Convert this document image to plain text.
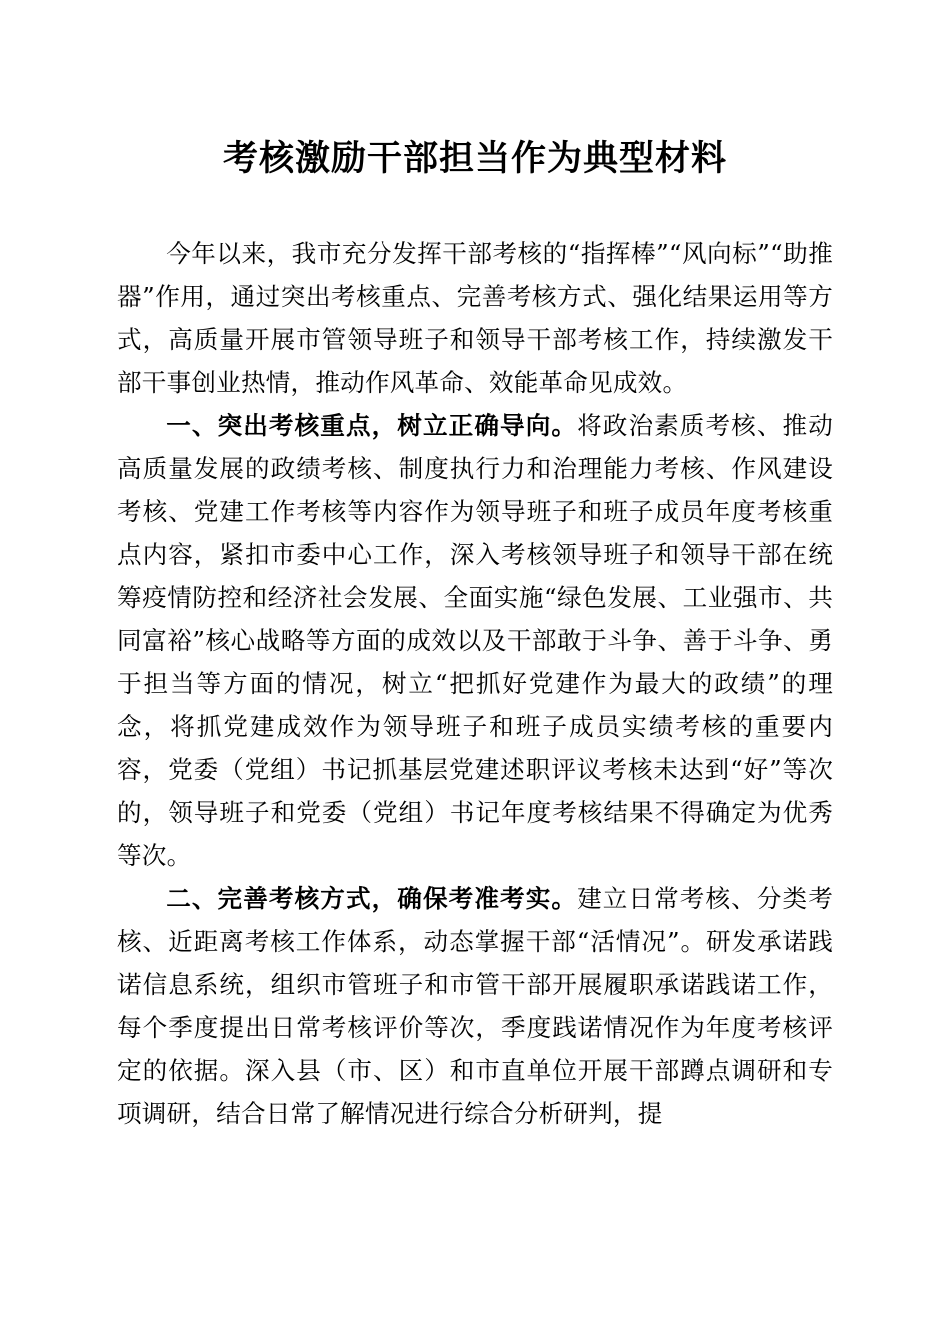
考核激励干部担当作为典型材料

今年以来，我市充分发挥干部考核的“指挥棒”“风向标”“助推器”作用，通过突出考核重点、完善考核方式、强化结果运用等方式，高质量开展市管领导班子和领导干部考核工作，持续激发干部干事创业热情，推动作风革命、效能革命见成效。

一、突出考核重点，树立正确导向。将政治素质考核、推动高质量发展的政绩考核、制度执行力和治理能力考核、作风建设考核、党建工作考核等内容作为领导班子和班子成员年度考核重点内容，紧扣市委中心工作，深入考核领导班子和领导干部在统筹疫情防控和经济社会发展、全面实施“绿色发展、工业强市、共同富裕”核心战略等方面的成效以及干部敢于斗争、善于斗争、勇于担当等方面的情况，树立“把抓好党建作为最大的政绩”的理念，将抓党建成效作为领导班子和班子成员实绩考核的重要内容，党委（党组）书记抓基层党建述职评议考核未达到“好”等次的，领导班子和党委（党组）书记年度考核结果不得确定为优秀等次。

二、完善考核方式，确保考准考实。建立日常考核、分类考核、近距离考核工作体系，动态掌握干部“活情况”。研发承诺践诺信息系统，组织市管班子和市管干部开展履职承诺践诺工作，每个季度提出日常考核评价等次，季度践诺情况作为年度考核评定的依据。深入县（市、区）和市直单位开展干部蹲点调研和专项调研，结合日常了解情况进行综合分析研判，提
